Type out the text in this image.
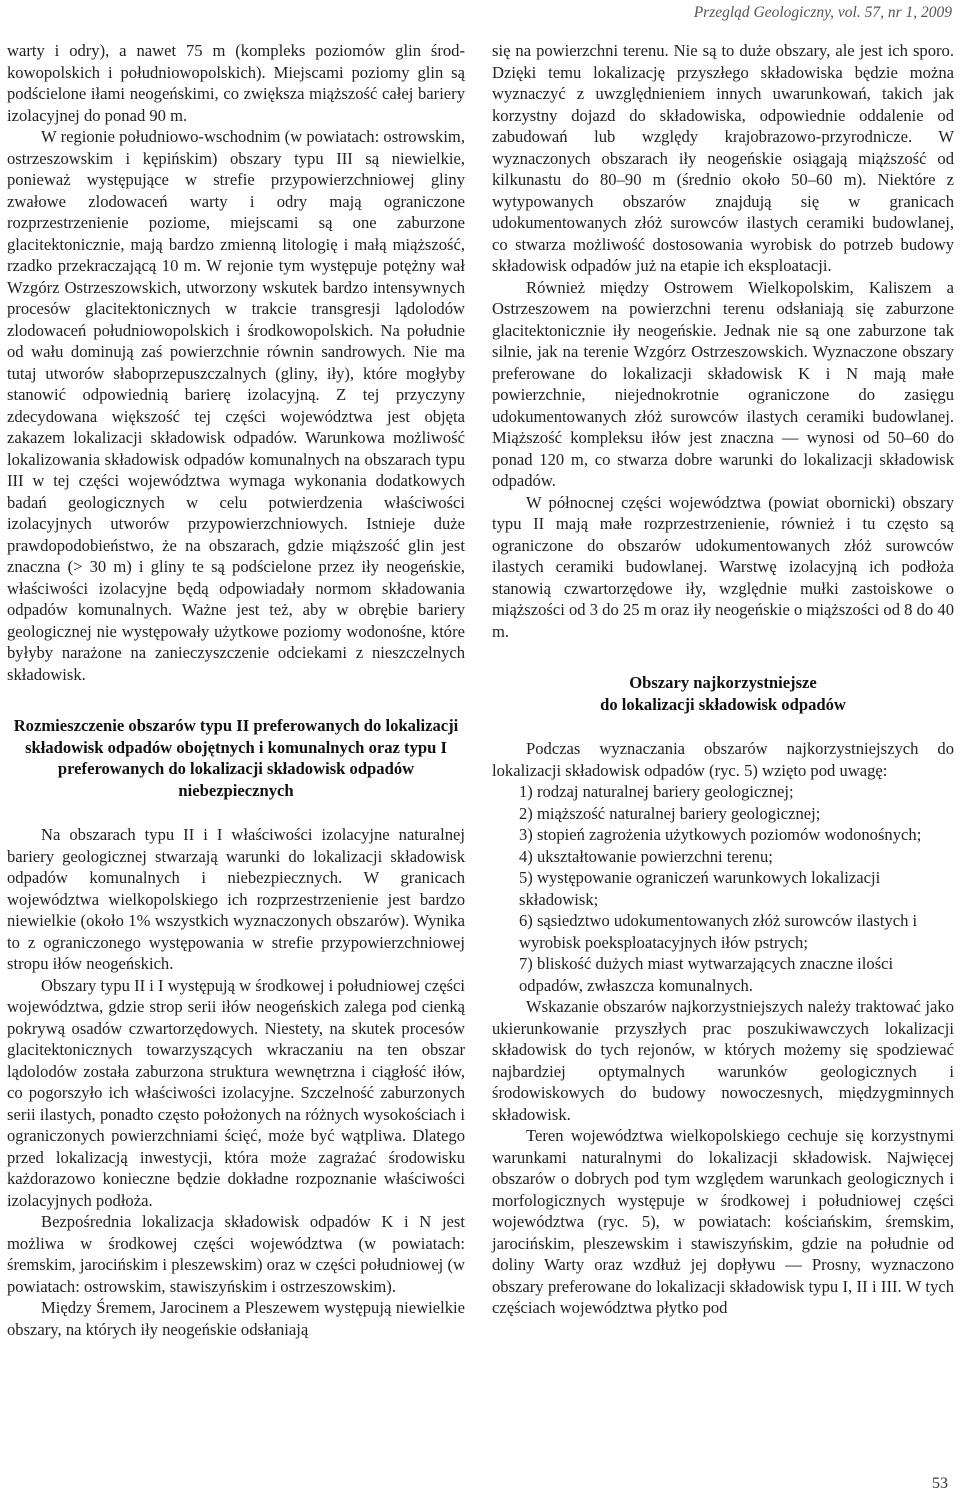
Przegląd Geologiczny, vol. 57, nr 1, 2009

warty i odry), a nawet 75 m (kompleks poziomów glin środkowopolskich i południowopolskich). Miejscami poziomy glin są podścielone iłami neogeńskimi, co zwiększa miąższość całej bariery izolacyjnej do ponad 90 m.

W regionie południowo-wschodnim (w powiatach: ostrowskim, ostrzeszowskim i kępińskim) obszary typu III są niewielkie, ponieważ występujące w strefie przypowierzchniowej gliny zwałowe zlodowaceń warty i odry mają ograniczone rozprzestrzenienie poziome, miejscami są one zaburzone glacitektonicznie, mają bardzo zmienną litologię i małą miąższość, rzadko przekraczającą 10 m. W rejonie tym występuje potężny wał Wzgórz Ostrzeszowskich, utworzony wskutek bardzo intensywnych procesów glacitektonicznych w trakcie transgresji lądolodów zlodowaceń południowopolskich i środkowopolskich. Na południe od wału dominują zaś powierzchnie równin sandrowych. Nie ma tutaj utworów słaboprzepuszczalnych (gliny, iły), które mogłyby stanowić odpowiednią barierę izolacyjną. Z tej przyczyny zdecydowana większość tej części województwa jest objęta zakazem lokalizacji składowisk odpadów. Warunkowa możliwość lokalizowania składowisk odpadów komunalnych na obszarach typu III w tej części województwa wymaga wykonania dodatkowych badań geologicznych w celu potwierdzenia właściwości izolacyjnych utworów przypowierzchniowych. Istnieje duże prawdopodobieństwo, że na obszarach, gdzie miąższość glin jest znaczna (> 30 m) i gliny te są podścielone przez iły neogeńskie, właściwości izolacyjne będą odpowiadały normom składowania odpadów komunalnych. Ważne jest też, aby w obrębie bariery geologicznej nie występowały użytkowe poziomy wodonośne, które byłyby narażone na zanieczyszczenie odciekami z nieszczelnych składowisk.

Rozmieszczenie obszarów typu II preferowanych do lokalizacji składowisk odpadów obojętnych i komunalnych oraz typu I preferowanych do lokalizacji składowisk odpadów niebezpiecznych

Na obszarach typu II i I właściwości izolacyjne naturalnej bariery geologicznej stwarzają warunki do lokalizacji składowisk odpadów komunalnych i niebezpiecznych. W granicach województwa wielkopolskiego ich rozprzestrzenienie jest bardzo niewielkie (około 1% wszystkich wyznaczonych obszarów). Wynika to z ograniczonego występowania w strefie przypowierzchniowej stropu iłów neogeńskich.

Obszary typu II i I występują w środkowej i południowej części województwa, gdzie strop serii iłów neogeńskich zalega pod cienką pokrywą osadów czwartorzędowych. Niestety, na skutek procesów glacitektonicznych towarzyszących wkraczaniu na ten obszar lądolodów została zaburzona struktura wewnętrzna i ciągłość iłów, co pogorszyło ich właściwości izolacyjne. Szczelność zaburzonych serii ilastych, ponadto często położonych na różnych wysokościach i ograniczonych powierzchniami ścięć, może być wątpliwa. Dlatego przed lokalizacją inwestycji, która może zagrażać środowisku każdorazowo konieczne będzie dokładne rozpoznanie właściwości izolacyjnych podłoża.

Bezpośrednia lokalizacja składowisk odpadów K i N jest możliwa w środkowej części województwa (w powiatach: śremskim, jarocińskim i pleszewskim) oraz w części południowej (w powiatach: ostrowskim, stawiszyńskim i ostrzeszowskim).

Między Śremem, Jarocinem a Pleszewem występują niewielkie obszary, na których iły neogeńskie odsłaniają

się na powierzchni terenu. Nie są to duże obszary, ale jest ich sporo. Dzięki temu lokalizację przyszłego składowiska będzie można wyznaczyć z uwzględnieniem innych uwarunkowań, takich jak korzystny dojazd do składowiska, odpowiednie oddalenie od zabudowań lub względy krajobrazowo-przyrodnicze. W wyznaczonych obszarach iły neogeńskie osiągają miąższość od kilkunastu do 80–90 m (średnio około 50–60 m). Niektóre z wytypowanych obszarów znajdują się w granicach udokumentowanych złóż surowców ilastych ceramiki budowlanej, co stwarza możliwość dostosowania wyrobisk do potrzeb budowy składowisk odpadów już na etapie ich eksploatacji.

Również między Ostrowem Wielkopolskim, Kaliszem a Ostrzeszowem na powierzchni terenu odsłaniają się zaburzone glacitektonicznie iły neogeńskie. Jednak nie są one zaburzone tak silnie, jak na terenie Wzgórz Ostrzeszowskich. Wyznaczone obszary preferowane do lokalizacji składowisk K i N mają małe powierzchnie, niejednokrotnie ograniczone do zasięgu udokumentowanych złóż surowców ilastych ceramiki budowlanej. Miąższość kompleksu iłów jest znaczna — wynosi od 50–60 do ponad 120 m, co stwarza dobre warunki do lokalizacji składowisk odpadów.

W północnej części województwa (powiat obornicki) obszary typu II mają małe rozprzestrzenienie, również i tu często są ograniczone do obszarów udokumentowanych złóż surowców ilastych ceramiki budowlanej. Warstwę izolacyjną ich podłoża stanowią czwartorzędowe iły, względnie mułki zastoiskowe o miąższości od 3 do 25 m oraz iły neogeńskie o miąższości od 8 do 40 m.

Obszary najkorzystniejsze
do lokalizacji składowisk odpadów

Podczas wyznaczania obszarów najkorzystniejszych do lokalizacji składowisk odpadów (ryc. 5) wzięto pod uwagę:

1) rodzaj naturalnej bariery geologicznej;
2) miąższość naturalnej bariery geologicznej;
3) stopień zagrożenia użytkowych poziomów wodonośnych;
4) ukształtowanie powierzchni terenu;
5) występowanie ograniczeń warunkowych lokalizacji składowisk;
6) sąsiedztwo udokumentowanych złóż surowców ilastych i wyrobisk poeksploatacyjnych iłów pstrych;
7) bliskość dużych miast wytwarzających znaczne ilości odpadów, zwłaszcza komunalnych.

Wskazanie obszarów najkorzystniejszych należy traktować jako ukierunkowanie przyszłych prac poszukiwawczych lokalizacji składowisk do tych rejonów, w których możemy się spodziewać najbardziej optymalnych warunków geologicznych i środowiskowych do budowy nowoczesnych, międzygminnych składowisk.

Teren województwa wielkopolskiego cechuje się korzystnymi warunkami naturalnymi do lokalizacji składowisk. Najwięcej obszarów o dobrych pod tym względem warunkach geologicznych i morfologicznych występuje w środkowej i południowej części województwa (ryc. 5), w powiatach: kościańskim, śremskim, jarocińskim, pleszewskim i stawiszyńskim, gdzie na południe od doliny Warty oraz wzdłuż jej dopływu — Prosny, wyznaczono obszary preferowane do lokalizacji składowisk typu I, II i III. W tych częściach województwa płytko pod

53
